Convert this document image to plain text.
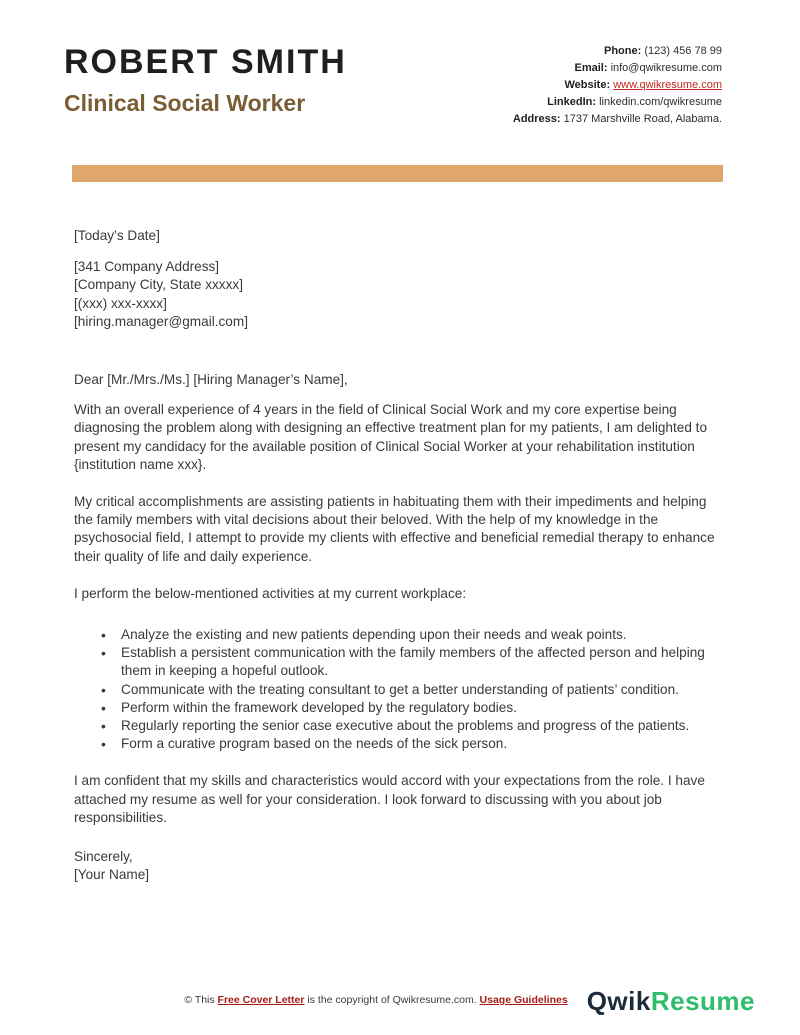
ROBERT SMITH
Clinical Social Worker
Phone: (123) 456 78 99
Email: info@qwikresume.com
Website: www.qwikresume.com
LinkedIn: linkedin.com/qwikresume
Address: 1737 Marshville Road, Alabama.
[Today’s Date]
[341 Company Address]
[Company City, State xxxxx]
[(xxx) xxx-xxxx]
[hiring.manager@gmail.com]
Dear [Mr./Mrs./Ms.] [Hiring Manager’s Name],
With an overall experience of 4 years in the field of Clinical Social Work and my core expertise being diagnosing the problem along with designing an effective treatment plan for my patients, I am delighted to present my candidacy for the available position of Clinical Social Worker at your rehabilitation institution {institution name xxx}.
My critical accomplishments are assisting patients in habituating them with their impediments and helping the family members with vital decisions about their beloved. With the help of my knowledge in the psychosocial field, I attempt to provide my clients with effective and beneficial remedial therapy to enhance their quality of life and daily experience.
I perform the below-mentioned activities at my current workplace:
• Analyze the existing and new patients depending upon their needs and weak points.
• Establish a persistent communication with the family members of the affected person and helping them in keeping a hopeful outlook.
• Communicate with the treating consultant to get a better understanding of patients’ condition.
• Perform within the framework developed by the regulatory bodies.
• Regularly reporting the senior case executive about the problems and progress of the patients.
• Form a curative program based on the needs of the sick person.
I am confident that my skills and characteristics would accord with your expectations from the role. I have attached my resume as well for your consideration. I look forward to discussing with you about job responsibilities.
Sincerely,
[Your Name]
© This Free Cover Letter is the copyright of Qwikresume.com. Usage Guidelines QwikResume
